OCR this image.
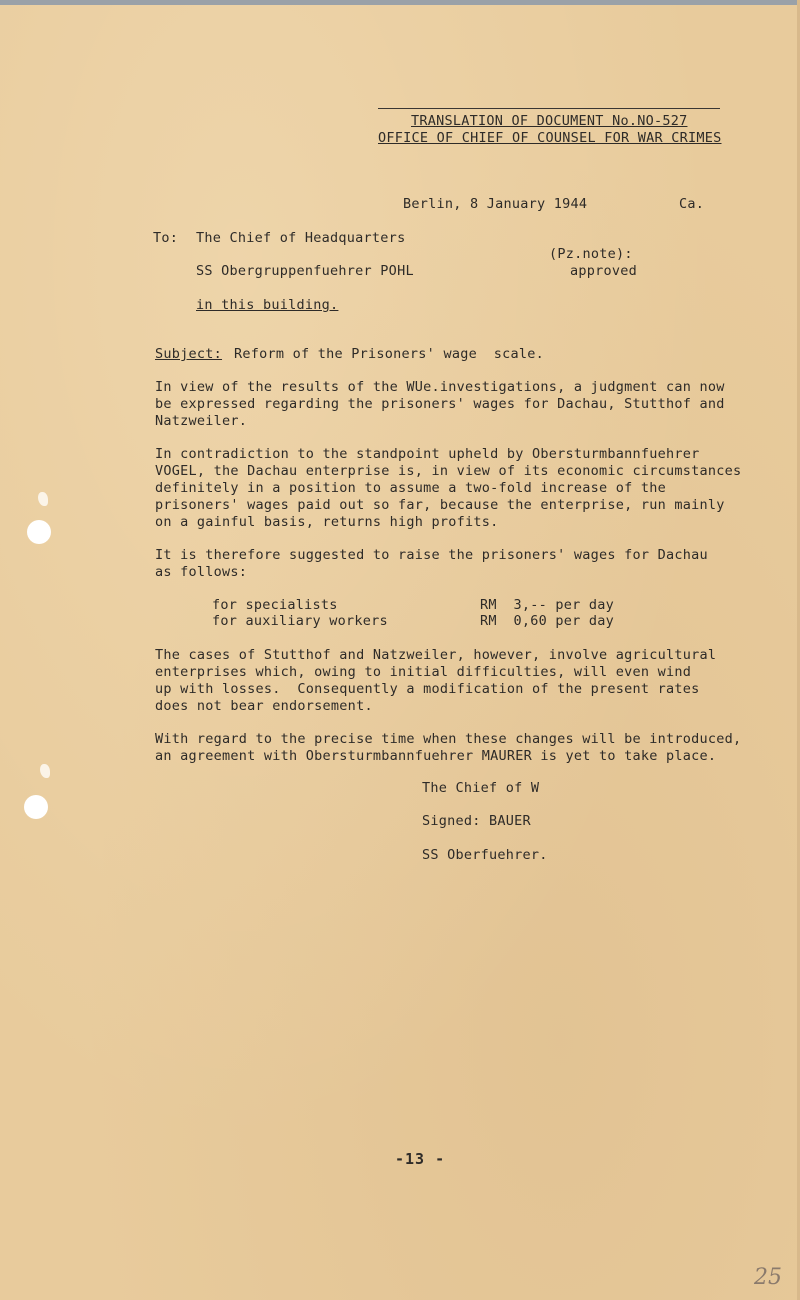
TRANSLATION OF DOCUMENT No.NO-527
OFFICE OF CHIEF OF COUNSEL FOR WAR CRIMES
Berlin, 8 January 1944	Ca.
To: The Chief of Headquarters
SS Obergruppenfuehrer POHL
in this building.
(Pz.note):
approved
Subject: Reform of the Prisoners' wage  scale.
In view of the results of the WUe.investigations, a judgment can now
be expressed regarding the prisoners' wages for Dachau, Stutthof and
Natzweiler.
In contradiction to the standpoint upheld by Obersturmbannfuehrer
VOGEL, the Dachau enterprise is, in view of its economic circumstances
definitely in a position to assume a two-fold increase of the
prisoners' wages paid out so far, because the enterprise, run mainly
on a gainful basis, returns high profits.
It is therefore suggested to raise the prisoners' wages for Dachau
as follows:
for specialists	RM  3,-- per day
for auxiliary workers	RM  0,60 per day
The cases of Stutthof and Natzweiler, however, involve agricultural
enterprises which, owing to initial difficulties, will even wind
up with losses.  Consequently a modification of the present rates
does not bear endorsement.
With regard to the precise time when these changes will be introduced,
an agreement with Obersturmbannfuehrer MAURER is yet to take place.
The Chief of W
Signed: BAUER
SS Oberfuehrer.
-13 -
25
